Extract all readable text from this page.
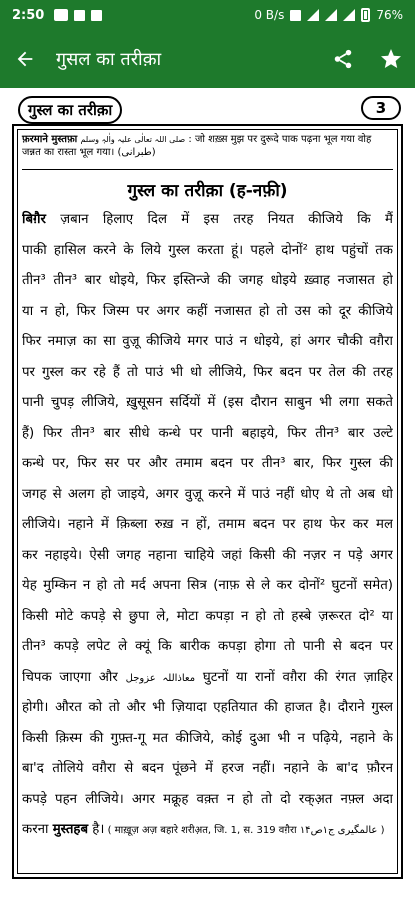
2:50	0 B/s	76%
गुसल का तरीक़ा
गुस्ल का तरीक़ा	3
फ़रमाने मुस्तफ़ा صلی اللہ تعالٰی علیہ واٰلہٖ وسلم : जो शख़्स मुझ पर दुरूदे पाक पढ़ना भूल गया वोह
जन्नत का रास्ता भूल गया। (طبرانی)
गुस्ल का तरीक़ा (ह-नफ़ी)
बिग़ैर ज़बान हिलाए दिल में इस तरह नियत कीजिये कि मैं
पाकी हासिल करने के लिये गुस्ल करता हूं। पहले दोनों² हाथ पहुंचों तक
तीन³ तीन³ बार धोइये, फिर इस्तिन्जे की जगह धोइये ख़्वाह नजासत हो
या न हो, फिर जिस्म पर अगर कहीं नजासत हो तो उस को दूर कीजिये
फिर नमाज़ का सा वुज़ू कीजिये मगर पाउं न धोइये, हां अगर चौकी वग़ैरा
पर गुस्ल कर रहे हैं तो पाउं भी धो लीजिये, फिर बदन पर तेल की तरह
पानी चुपड़ लीजिये, ख़ुसूसन सर्दियों में (इस दौरान साबुन भी लगा सकते
हैं) फिर तीन³ बार सीधे कन्धे पर पानी बहाइये, फिर तीन³ बार उल्टे
कन्धे पर, फिर सर पर और तमाम बदन पर तीन³ बार, फिर गुस्ल की
जगह से अलग हो जाइये, अगर वुज़ू करने में पाउं नहीं धोए थे तो अब धो
लीजिये। नहाने में क़िब्ला रुख़ न हों, तमाम बदन पर हाथ फेर कर मल
कर नहाइये। ऐसी जगह नहाना चाहिये जहां किसी की नज़र न पड़े अगर
येह मुम्किन न हो तो मर्द अपना सित्र (नाफ़ से ले कर दोनों² घुटनों समेत)
किसी मोटे कपड़े से छुपा ले, मोटा कपड़ा न हो तो हस्बे ज़रूरत दो² या
तीन³ कपड़े लपेट ले क्यूं कि बारीक कपड़ा होगा तो पानी से बदन पर
चिपक जाएगा और معاذاللہ عزوجل घुटनों या रानों वग़ैरा की रंगत ज़ाहिर
होगी। औरत को तो और भी ज़ियादा एहतियात की हाजत है। दौराने गुस्ल
किसी क़िस्म की गुफ़्त-गू मत कीजिये, कोई दुआ भी न पढ़िये, नहाने के
बा'द तोलिये वग़ैरा से बदन पूंछने में हरज नहीं। नहाने के बा'द फ़ौरन
कपड़े पहन लीजिये। अगर मक्रूह वक़्त न हो तो दो रक्अ़त नफ़्ल अदा
करना मुस्तहब है। ( माख़ूज़ अज़ बहारे शरीअ़त, जि. 1, स. 319 वग़ैरा عالمگیری ج۱ص۱۴ )
